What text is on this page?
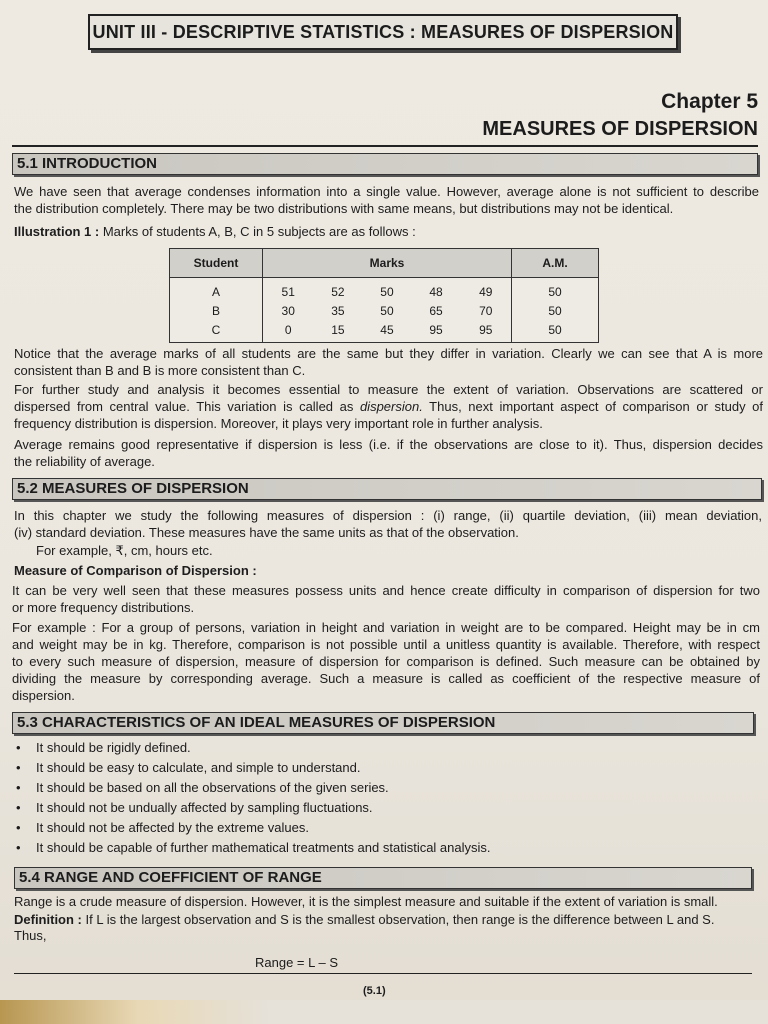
UNIT III - DESCRIPTIVE STATISTICS : MEASURES OF DISPERSION
Chapter 5
MEASURES OF DISPERSION
5.1 INTRODUCTION
We have seen that average condenses information into a single value. However, average alone is not sufficient to describe
the distribution completely. There may be two distributions with same means, but distributions may not be identical.
Illustration 1 : Marks of students A, B, C in 5 subjects are as follows :
Student	Marks					A.M.
A	51	52	50	48	49	50
B	30	35	50	65	70	50
C	0	15	45	95	95	50
Notice that the average marks of all students are the same but they differ in variation. Clearly we can see that A is more
consistent than B and B is more consistent than C.
For further study and analysis it becomes essential to measure the extent of variation. Observations are scattered or
dispersed from central value. This variation is called as dispersion. Thus, next important aspect of comparison or study of
frequency distribution is dispersion. Moreover, it plays very important role in further analysis.
Average remains good representative if dispersion is less (i.e. if the observations are close to it). Thus, dispersion decides
the reliability of average.
5.2 MEASURES OF DISPERSION
In this chapter we study the following measures of dispersion : (i) range, (ii) quartile deviation, (iii) mean deviation,
(iv) standard deviation. These measures have the same units as that of the observation.
For example, ₹, cm, hours etc.
Measure of Comparison of Dispersion :
It can be very well seen that these measures possess units and hence create difficulty in comparison of dispersion for two
or more frequency distributions.
For example : For a group of persons, variation in height and variation in weight are to be compared. Height may be in cm
and weight may be in kg. Therefore, comparison is not possible until a unitless quantity is available. Therefore, with respect
to every such measure of dispersion, measure of dispersion for comparison is defined. Such measure can be obtained by
dividing the measure by corresponding average. Such a measure is called as coefficient of the respective measure of
dispersion.
5.3 CHARACTERISTICS OF AN IDEAL MEASURES OF DISPERSION
• It should be rigidly defined.
• It should be easy to calculate, and simple to understand.
• It should be based on all the observations of the given series.
• It should not be undually affected by sampling fluctuations.
• It should not be affected by the extreme values.
• It should be capable of further mathematical treatments and statistical analysis.
5.4 RANGE AND COEFFICIENT OF RANGE
Range is a crude measure of dispersion. However, it is the simplest measure and suitable if the extent of variation is small.
Definition : If L is the largest observation and S is the smallest observation, then range is the difference between L and S.
Thus,
Range = L – S
(5.1)
